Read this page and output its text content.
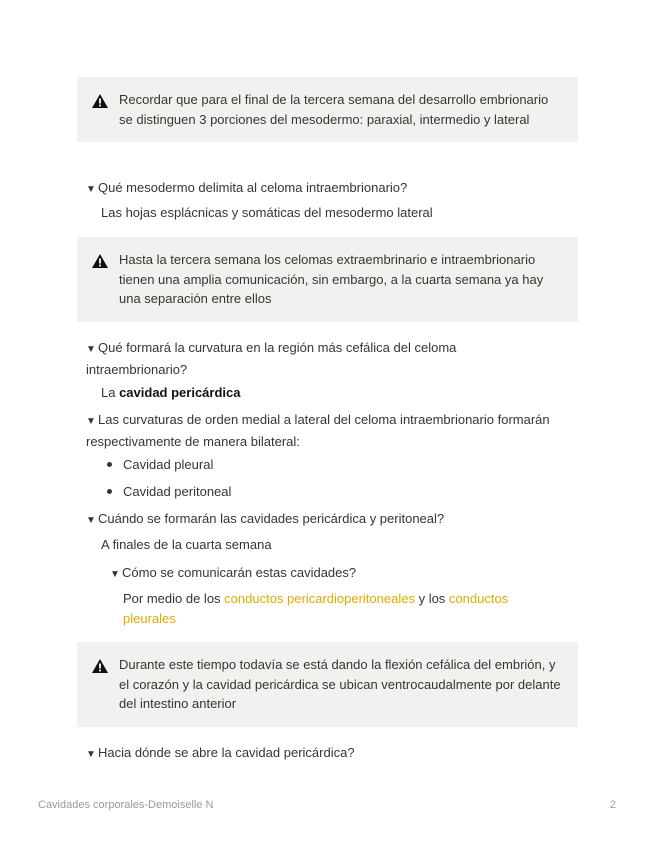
Recordar que para el final de la tercera semana del desarrollo embrionario se distinguen 3 porciones del mesodermo: paraxial, intermedio y lateral
▼ Qué mesodermo delimita al celoma intraembrionario?
Las hojas esplácnicas y somáticas del mesodermo lateral
Hasta la tercera semana los celomas extraembrinario e intraembrionario tienen una amplia comunicación, sin embargo, a la cuarta semana ya hay una separación entre ellos
▼ Qué formará la curvatura en la región más cefálica del celoma intraembrionario?
La cavidad pericárdica
▼ Las curvaturas de orden medial a lateral del celoma intraembrionario formarán respectivamente de manera bilateral:
Cavidad pleural
Cavidad peritoneal
▼ Cuándo se formarán las cavidades pericárdica y peritoneal?
A finales de la cuarta semana
▼ Cómo se comunicarán estas cavidades?
Por medio de los conductos pericardioperitoneales y los conductos pleurales
Durante este tiempo todavía se está dando la flexión cefálica del embrión, y el corazón y la cavidad pericárdica se ubican ventrocaudalmente por delante del intestino anterior
▼ Hacia dónde se abre la cavidad pericárdica?
Cavidades corporales-Demoiselle N	2
